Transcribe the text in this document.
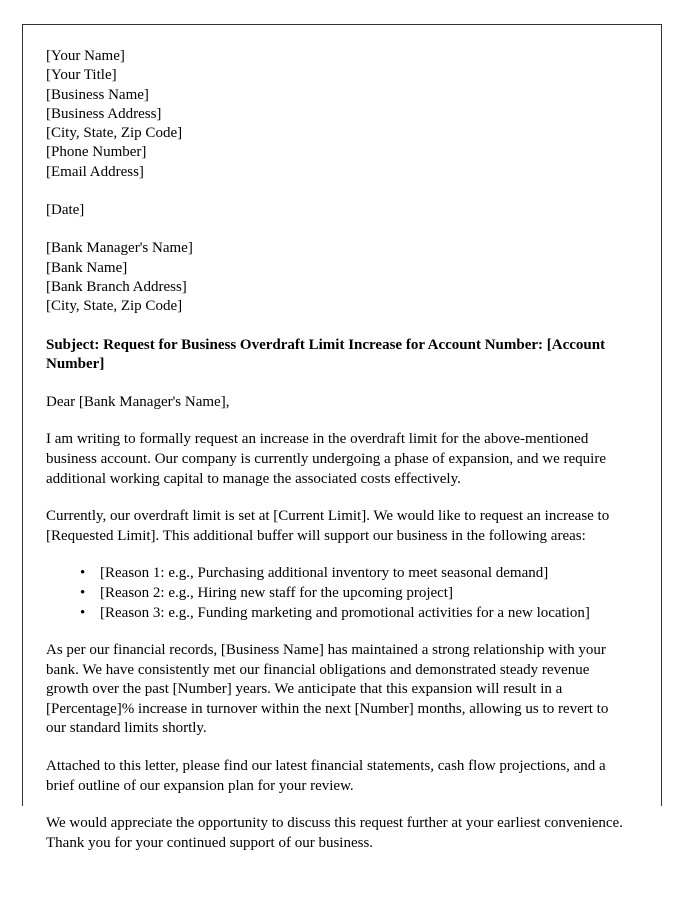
[Your Name]
[Your Title]
[Business Name]
[Business Address]
[City, State, Zip Code]
[Phone Number]
[Email Address]
[Date]
[Bank Manager's Name]
[Bank Name]
[Bank Branch Address]
[City, State, Zip Code]
Subject: Request for Business Overdraft Limit Increase for Account Number: [Account Number]
Dear [Bank Manager's Name],

I am writing to formally request an increase in the overdraft limit for the above-mentioned business account. Our company is currently undergoing a phase of expansion, and we require additional working capital to manage the associated costs effectively.

Currently, our overdraft limit is set at [Current Limit]. We would like to request an increase to [Requested Limit]. This additional buffer will support our business in the following areas:

• [Reason 1: e.g., Purchasing additional inventory to meet seasonal demand]
• [Reason 2: e.g., Hiring new staff for the upcoming project]
• [Reason 3: e.g., Funding marketing and promotional activities for a new location]

As per our financial records, [Business Name] has maintained a strong relationship with your bank. We have consistently met our financial obligations and demonstrated steady revenue growth over the past [Number] years. We anticipate that this expansion will result in a [Percentage]% increase in turnover within the next [Number] months, allowing us to revert to our standard limits shortly.

Attached to this letter, please find our latest financial statements, cash flow projections, and a brief outline of our expansion plan for your review.

We would appreciate the opportunity to discuss this request further at your earliest convenience. Thank you for your continued support of our business.
